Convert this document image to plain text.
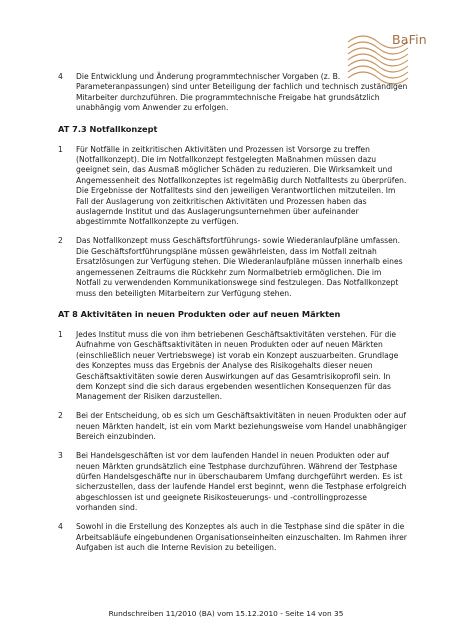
BaFin
4 Die Entwicklung und Änderung programmtechnischer Vorgaben (z. B. Parameteranpassungen) sind unter Beteiligung der fachlich und technisch zuständigen Mitarbeiter durchzuführen. Die programmtechnische Freigabe hat grundsätzlich unabhängig vom Anwender zu erfolgen.
AT 7.3 Notfallkonzept
1 Für Notfälle in zeitkritischen Aktivitäten und Prozessen ist Vorsorge zu treffen (Notfallkonzept). Die im Notfallkonzept festgelegten Maßnahmen müssen dazu geeignet sein, das Ausmaß möglicher Schäden zu reduzieren. Die Wirksamkeit und Angemessenheit des Notfallkonzeptes ist regelmäßig durch Notfalltests zu überprüfen. Die Ergebnisse der Notfalltests sind den jeweiligen Verantwortlichen mitzuteilen. Im Fall der Auslagerung von zeitkritischen Aktivitäten und Prozessen haben das auslagernde Institut und das Auslagerungsunternehmen über aufeinander abgestimmte Notfallkonzepte zu verfügen.
2 Das Notfallkonzept muss Geschäftsfortführungs- sowie Wiederanlaufpläne umfassen. Die Geschäftsfortführungspläne müssen gewährleisten, dass im Notfall zeitnah Ersatzlösungen zur Verfügung stehen. Die Wiederanlaufpläne müssen innerhalb eines angemessenen Zeitraums die Rückkehr zum Normalbetrieb ermöglichen. Die im Notfall zu verwendenden Kommunikationswege sind festzulegen. Das Notfallkonzept muss den beteiligten Mitarbeitern zur Verfügung stehen.
AT 8 Aktivitäten in neuen Produkten oder auf neuen Märkten
1 Jedes Institut muss die von ihm betriebenen Geschäftsaktivitäten verstehen. Für die Aufnahme von Geschäftsaktivitäten in neuen Produkten oder auf neuen Märkten (einschließlich neuer Vertriebswege) ist vorab ein Konzept auszuarbeiten. Grundlage des Konzeptes muss das Ergebnis der Analyse des Risikogehalts dieser neuen Geschäftsaktivitäten sowie deren Auswirkungen auf das Gesamtrisikoprofil sein. In dem Konzept sind die sich daraus ergebenden wesentlichen Konsequenzen für das Management der Risiken darzustellen.
2 Bei der Entscheidung, ob es sich um Geschäftsaktivitäten in neuen Produkten oder auf neuen Märkten handelt, ist ein vom Markt beziehungsweise vom Handel unabhängiger Bereich einzubinden.
3 Bei Handelsgeschäften ist vor dem laufenden Handel in neuen Produkten oder auf neuen Märkten grundsätzlich eine Testphase durchzuführen. Während der Testphase dürfen Handelsgeschäfte nur in überschaubarem Umfang durchgeführt werden. Es ist sicherzustellen, dass der laufende Handel erst beginnt, wenn die Testphase erfolgreich abgeschlossen ist und geeignete Risikosteuerungs- und -controllingprozesse vorhanden sind.
4 Sowohl in die Erstellung des Konzeptes als auch in die Testphase sind die später in die Arbeitsabläufe eingebundenen Organisationseinheiten einzuschalten. Im Rahmen ihrer Aufgaben ist auch die Interne Revision zu beteiligen.
Rundschreiben 11/2010 (BA) vom 15.12.2010 - Seite 14 von 35
